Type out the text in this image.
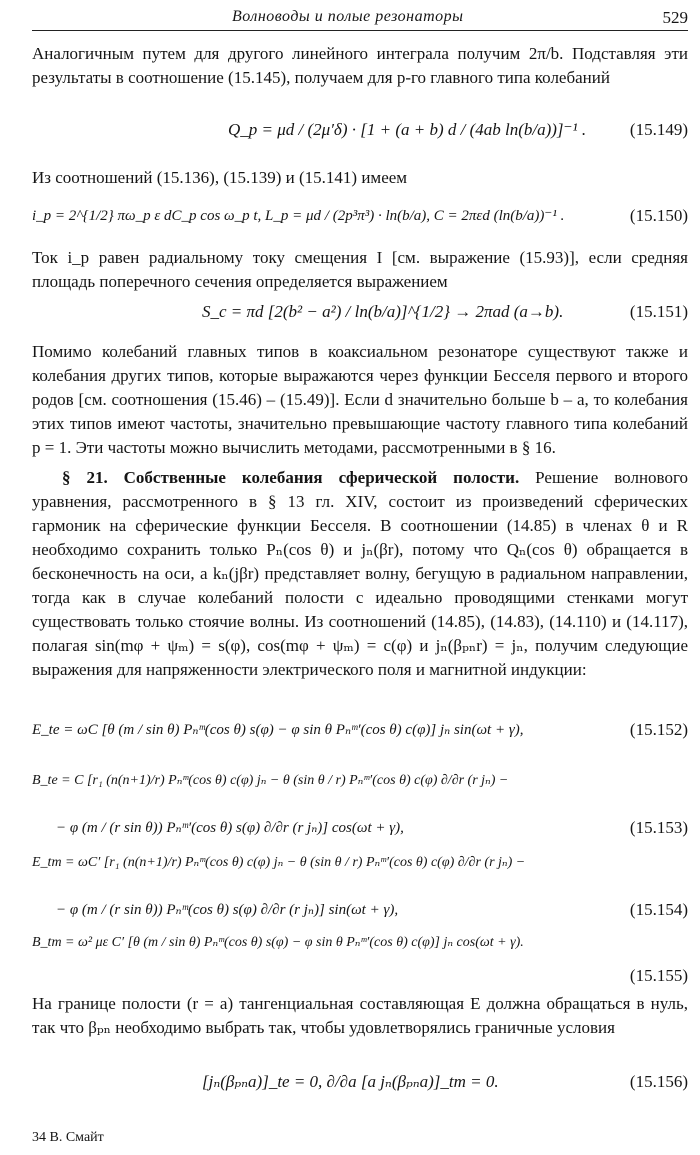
Волноводы и полые резонаторы	529
Аналогичным путем для другого линейного интеграла получим 2π/b. Подставляя эти результаты в соотношение (15.145), получаем для p-го главного типа колебаний
Q_p = μd / (2μ′δ) · [1 + (a + b) d / (4ab ln(b/a))]⁻¹ .	(15.149)
Из соотношений (15.136), (15.139) и (15.141) имеем
i_p = 2^{1/2} πω_p ε dC_p cos ω_p t, L_p = μd / (2p³π³) · ln(b/a), C = 2πεd (ln(b/a))⁻¹ .	(15.150)
Ток i_p равен радиальному току смещения I [см. выражение (15.93)], если средняя площадь поперечного сечения определяется выражением
S_c = πd [2(b² − a²) / ln(b/a)]^{1/2} → 2πad (a→b).	(15.151)
Помимо колебаний главных типов в коаксиальном резонаторе существуют также и колебания других типов, которые выражаются через функции Бесселя первого и второго родов [см. соотношения (15.46) – (15.49)]. Если d значительно больше b – a, то колебания этих типов имеют частоты, значительно превышающие частоту главного типа колебаний p = 1. Эти частоты можно вычислить методами, рассмотренными в § 16.
§ 21. Собственные колебания сферической полости. Решение волнового уравнения, рассмотренного в § 13 гл. XIV, состоит из произведений сферических гармоник на сферические функции Бесселя. В соотношении (14.85) в членах θ и R необходимо сохранить только Pₙ(cos θ) и jₙ(βr), потому что Qₙ(cos θ) обращается в бесконечность на оси, а kₙ(jβr) представляет волну, бегущую в радиальном направлении, тогда как в случае колебаний полости с идеально проводящими стенками могут существовать только стоячие волны. Из соотношений (14.85), (14.83), (14.110) и (14.117), полагая sin(mφ + ψₘ) = s(φ), cos(mφ + ψₘ) = c(φ) и jₙ(βₚₙr) = jₙ, получим следующие выражения для напряженности электрического поля и магнитной индукции:
E_te = ωC [θ (m / sin θ) Pₙᵐ(cos θ) s(φ) − φ sin θ Pₙᵐ′(cos θ) c(φ)] jₙ sin(ωt + γ),	(15.152)
B_te = C [r₁ (n(n+1)/r) Pₙᵐ(cos θ) c(φ) jₙ − θ (sin θ / r) Pₙᵐ′(cos θ) c(φ) ∂/∂r (r jₙ) −
− φ (m / (r sin θ)) Pₙᵐ′(cos θ) s(φ) ∂/∂r (r jₙ)] cos(ωt + γ),	(15.153)
E_tm = ωC′ [r₁ (n(n+1)/r) Pₙᵐ(cos θ) c(φ) jₙ − θ (sin θ / r) Pₙᵐ′(cos θ) c(φ) ∂/∂r (r jₙ) −
− φ (m / (r sin θ)) Pₙᵐ(cos θ) s(φ) ∂/∂r (r jₙ)] sin(ωt + γ),	(15.154)
B_tm = ω² με C′ [θ (m / sin θ) Pₙᵐ(cos θ) s(φ) − φ sin θ Pₙᵐ′(cos θ) c(φ)] jₙ cos(ωt + γ).
(15.155)
На границе полости (r = a) тангенциальная составляющая E должна обращаться в нуль, так что βₚₙ необходимо выбрать так, чтобы удовлетворялись граничные условия
[jₙ(βₚₙa)]_te = 0, ∂/∂a [a jₙ(βₚₙa)]_tm = 0.	(15.156)
34 В. Смайт
